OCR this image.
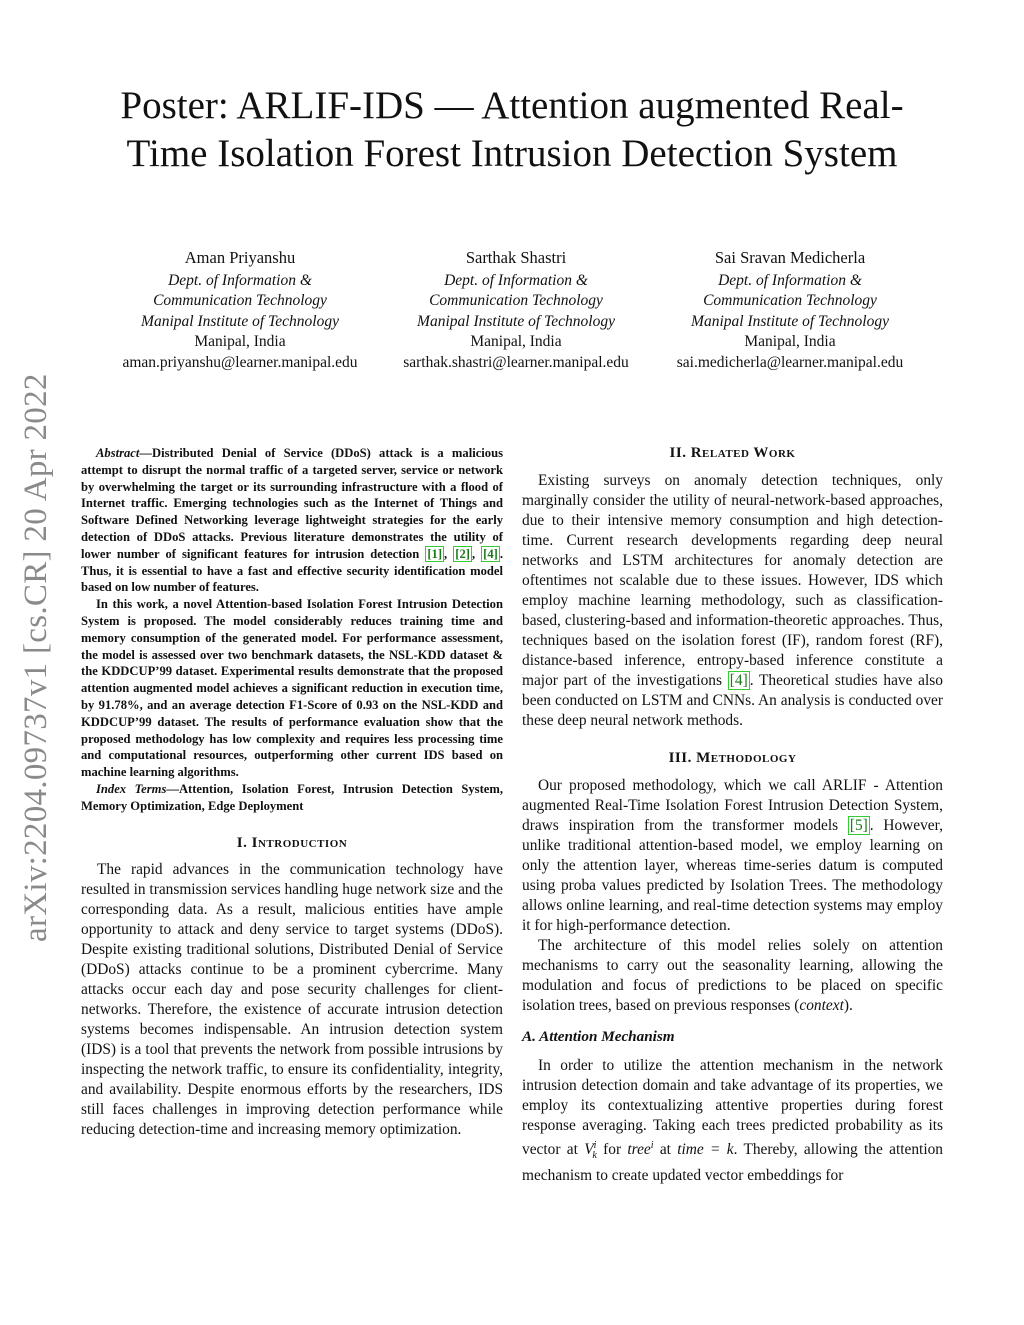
arXiv:2204.09737v1 [cs.CR] 20 Apr 2022
Poster: ARLIF-IDS — Attention augmented Real-Time Isolation Forest Intrusion Detection System
Aman Priyanshu
Dept. of Information &
Communication Technology
Manipal Institute of Technology
Manipal, India
aman.priyanshu@learner.manipal.edu
Sarthak Shastri
Dept. of Information &
Communication Technology
Manipal Institute of Technology
Manipal, India
sarthak.shastri@learner.manipal.edu
Sai Sravan Medicherla
Dept. of Information &
Communication Technology
Manipal Institute of Technology
Manipal, India
sai.medicherla@learner.manipal.edu

Abstract—Distributed Denial of Service (DDoS) attack is a malicious attempt to disrupt the normal traffic of a targeted server, service or network by overwhelming the target or its surrounding infrastructure with a flood of Internet traffic. Emerging technologies such as the Internet of Things and Software Defined Networking leverage lightweight strategies for the early detection of DDoS attacks. Previous literature demonstrates the utility of lower number of significant features for intrusion detection [1] , [2] , [4] . Thus, it is essential to have a fast and effective security identification model based on low number of features.

In this work, a novel Attention-based Isolation Forest Intrusion Detection System is proposed. The model considerably reduces training time and memory consumption of the generated model. For performance assessment, the model is assessed over two benchmark datasets, the NSL-KDD dataset & the KDDCUP’99 dataset. Experimental results demonstrate that the proposed attention augmented model achieves a significant reduction in execution time, by 91.78%, and an average detection F1-Score of 0.93 on the NSL-KDD and KDDCUP’99 dataset. The results of performance evaluation show that the proposed methodology has low complexity and requires less processing time and computational resources, outperforming other current IDS based on machine learning algorithms.

Index Terms—Attention, Isolation Forest, Intrusion Detection System, Memory Optimization, Edge Deployment

I. Introduction

The rapid advances in the communication technology have resulted in transmission services handling huge network size and the corresponding data. As a result, malicious entities have ample opportunity to attack and deny service to target systems (DDoS). Despite existing traditional solutions, Distributed Denial of Service (DDoS) attacks continue to be a prominent cybercrime. Many attacks occur each day and pose security challenges for client-networks. Therefore, the existence of accurate intrusion detection systems becomes indispensable. An intrusion detection system (IDS) is a tool that prevents the network from possible intrusions by inspecting the network traffic, to ensure its confidentiality, integrity, and availability. Despite enormous efforts by the researchers, IDS still faces challenges in improving detection performance while reducing detection-time and increasing memory optimization.

II. Related Work

Existing surveys on anomaly detection techniques, only marginally consider the utility of neural-network-based approaches, due to their intensive memory consumption and high detection-time. Current research developments regarding deep neural networks and LSTM architectures for anomaly detection are oftentimes not scalable due to these issues. However, IDS which employ machine learning methodology, such as classification-based, clustering-based and information-theoretic approaches. Thus, techniques based on the isolation forest (IF), random forest (RF), distance-based inference, entropy-based inference constitute a major part of the investigations [4] . Theoretical studies have also been conducted on LSTM and CNNs. An analysis is conducted over these deep neural network methods.

III. Methodology

Our proposed methodology, which we call ARLIF - Attention augmented Real-Time Isolation Forest Intrusion Detection System, draws inspiration from the transformer models [5] . However, unlike traditional attention-based model, we employ learning on only the attention layer, whereas time-series datum is computed using proba values predicted by Isolation Trees. The methodology allows online learning, and real-time detection systems may employ it for high-performance detection.

The architecture of this model relies solely on attention mechanisms to carry out the seasonality learning, allowing the modulation and focus of predictions to be placed on specific isolation trees, based on previous responses (context).

A. Attention Mechanism

In order to utilize the attention mechanism in the network intrusion detection domain and take advantage of its properties, we employ its contextualizing attentive properties during forest response averaging. Taking each trees predicted probability as its vector at $V^i_k$ for tree$^i$ at time = k. Thereby, allowing the attention mechanism to create updated vector embeddings for
